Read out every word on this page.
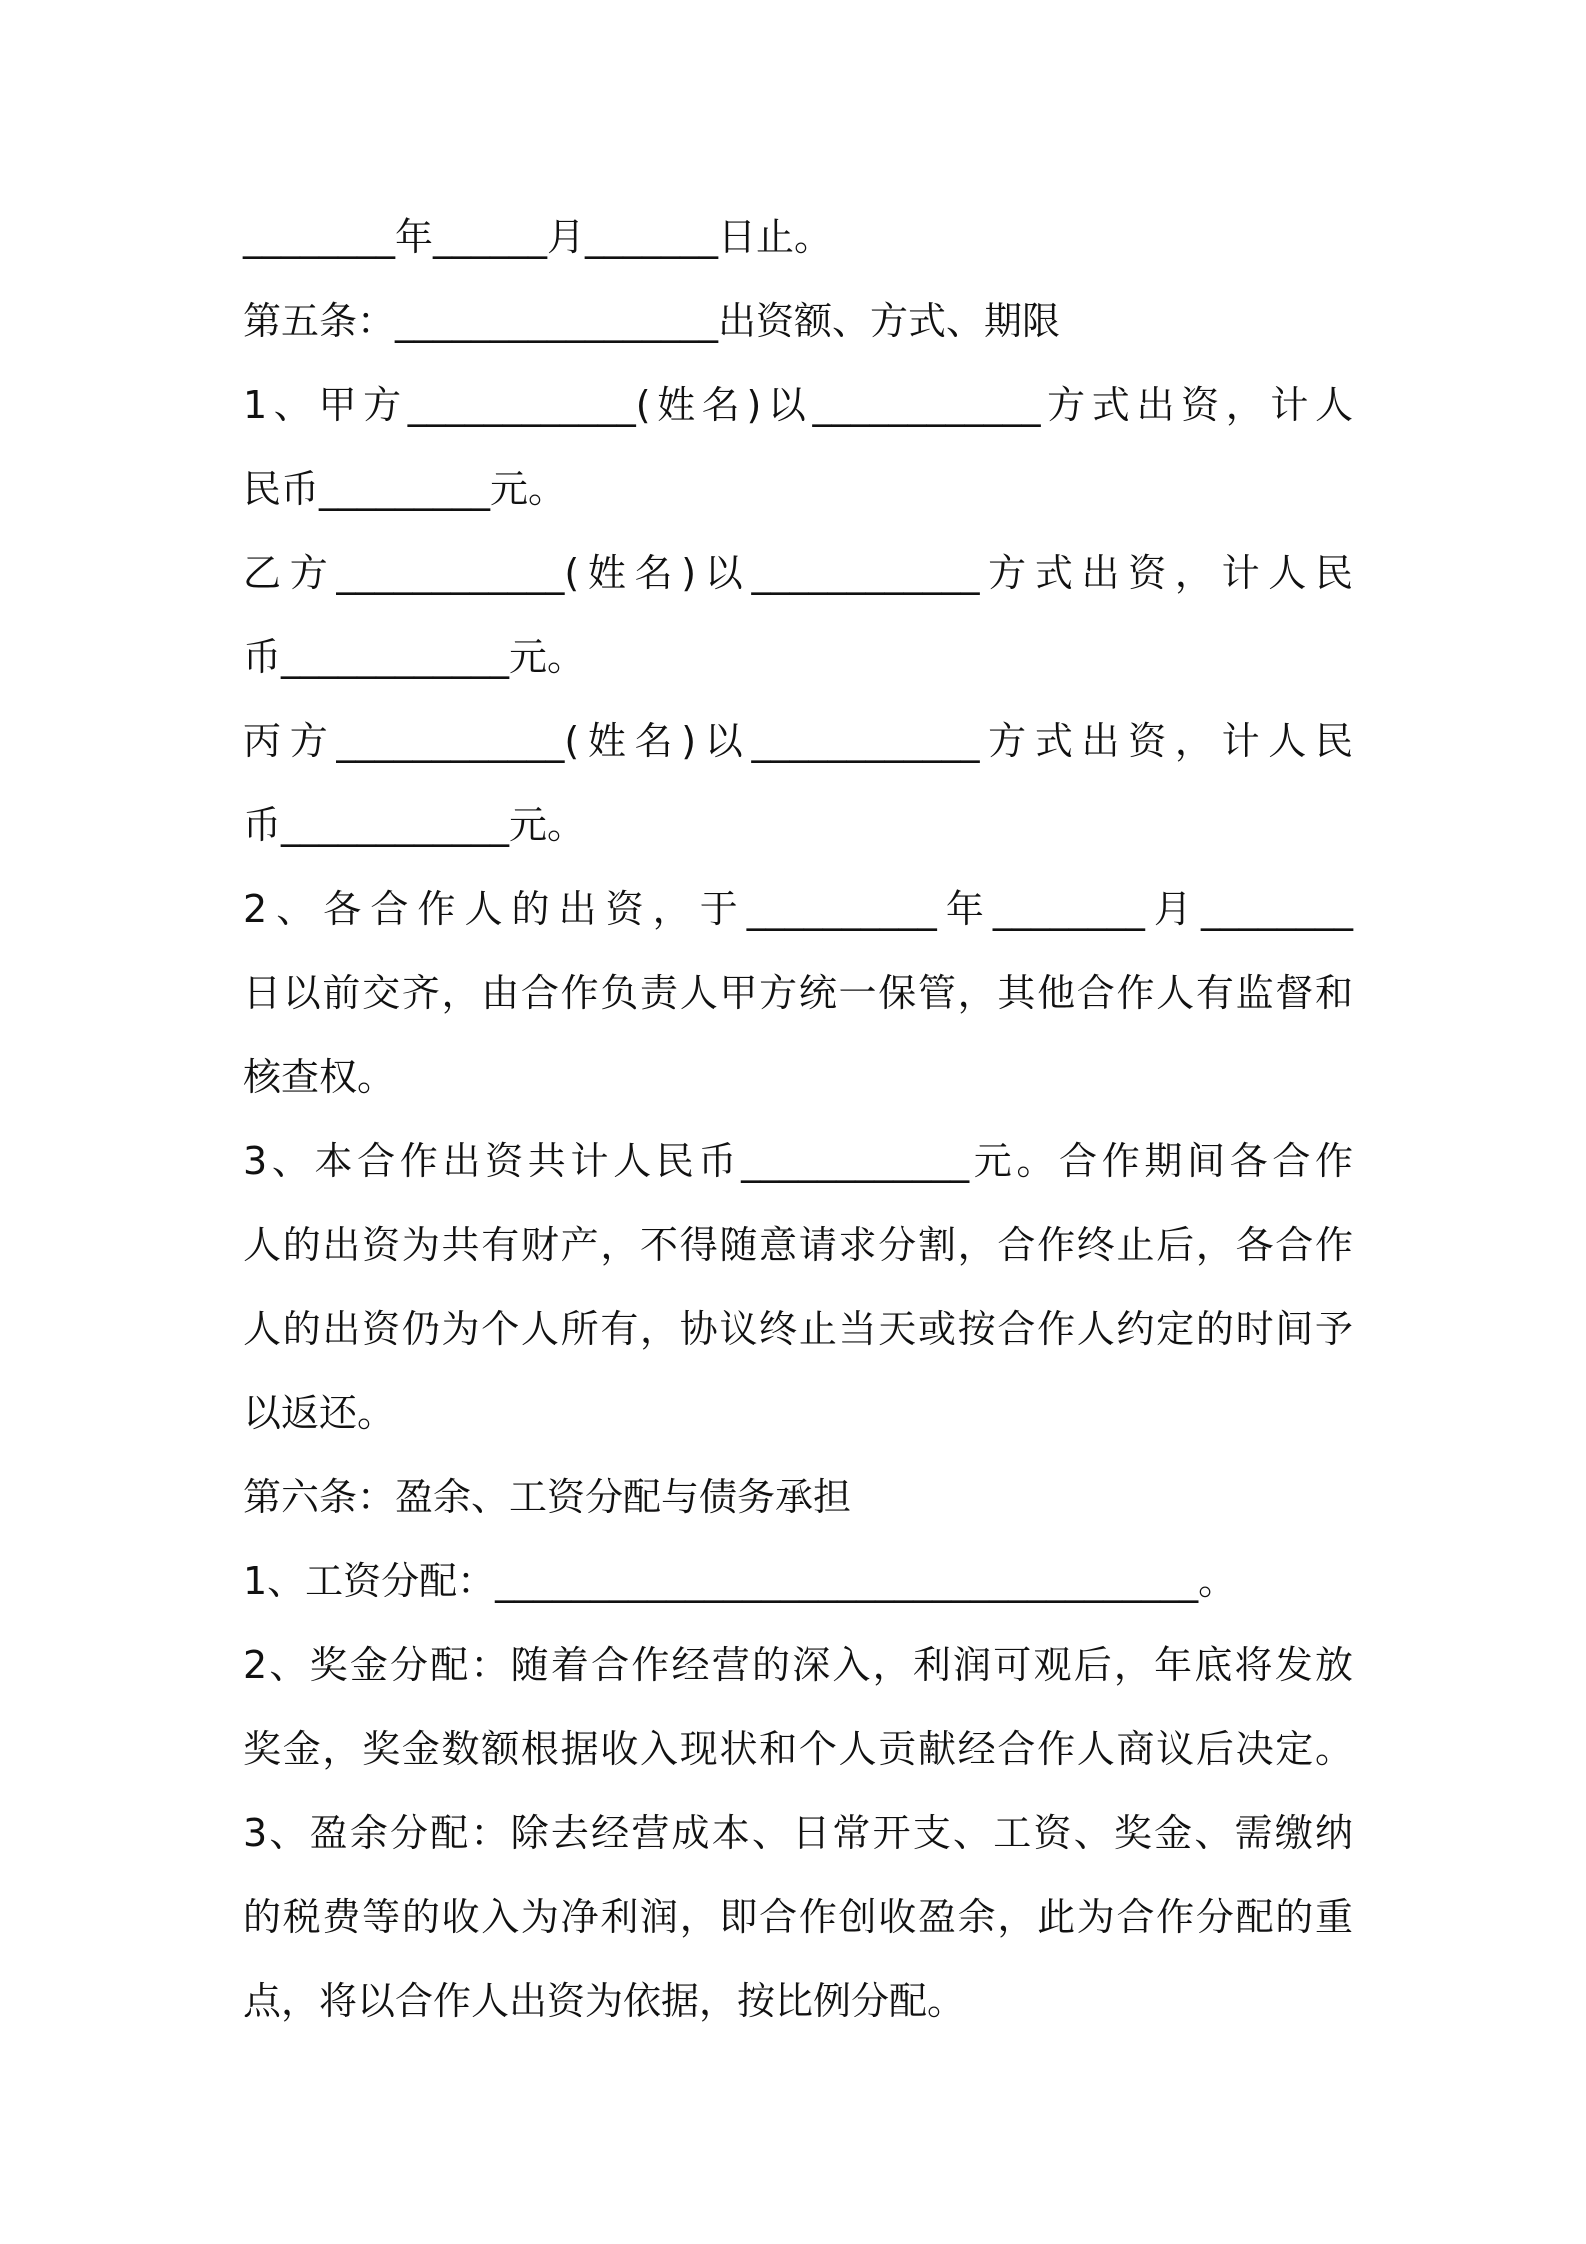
________年______月_______日止。
第五条：_________________出资额、方式、期限
1、甲方____________(姓名)以____________方式出资，计人
民币_________元。
乙方____________(姓名)以____________方式出资，计人民
币____________元。
丙方____________(姓名)以____________方式出资，计人民
币____________元。
2、各合作人的出资，于__________年________月________
日以前交齐，由合作负责人甲方统一保管，其他合作人有监督和
核查权。
3、本合作出资共计人民币____________元。合作期间各合作
人的出资为共有财产，不得随意请求分割，合作终止后，各合作
人的出资仍为个人所有，协议终止当天或按合作人约定的时间予
以返还。
第六条：盈余、工资分配与债务承担
1、工资分配：_____________________________________。
2、奖金分配：随着合作经营的深入，利润可观后，年底将发放
奖金，奖金数额根据收入现状和个人贡献经合作人商议后决定。
3、盈余分配：除去经营成本、日常开支、工资、奖金、需缴纳
的税费等的收入为净利润，即合作创收盈余，此为合作分配的重
点，将以合作人出资为依据，按比例分配。
